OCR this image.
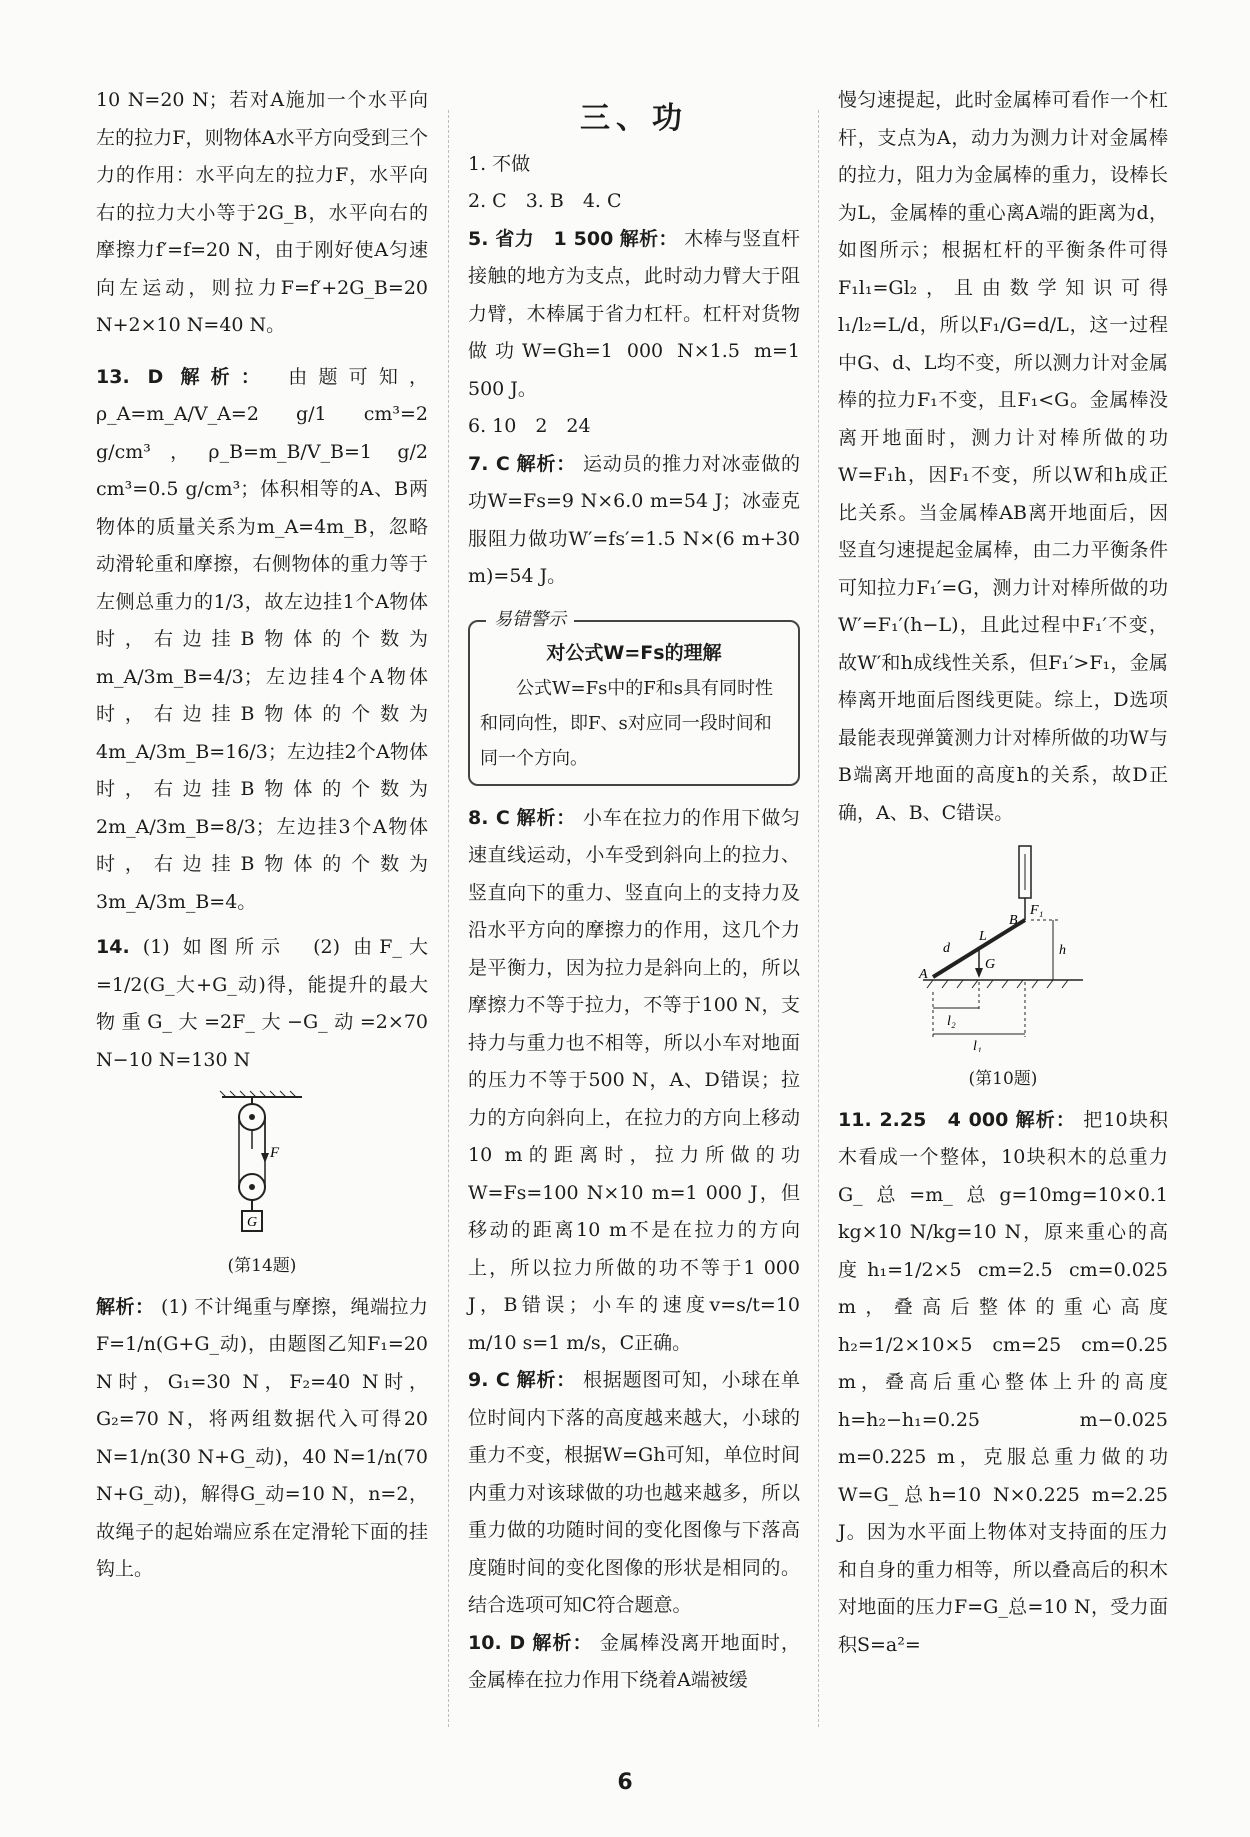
10 N=20 N；若对A施加一个水平向左的拉力F，则物体A水平方向受到三个力的作用：水平向左的拉力F，水平向右的拉力大小等于2G_B，水平向右的摩擦力f′=f=20 N，由于刚好使A匀速向左运动，则拉力F=f′+2G_B=20 N+2×10 N=40 N。

13. D 解析： 由题可知，ρ_A=m_A/V_A=2 g/1 cm³=2 g/cm³，ρ_B=m_B/V_B=1 g/2 cm³=0.5 g/cm³；体积相等的A、B两物体的质量关系为m_A=4m_B，忽略动滑轮重和摩擦，右侧物体的重力等于左侧总重力的1/3，故左边挂1个A物体时，右边挂B物体的个数为m_A/3m_B=4/3；左边挂4个A物体时，右边挂B物体的个数为4m_A/3m_B=16/3；左边挂2个A物体时，右边挂B物体的个数为2m_A/3m_B=8/3；左边挂3个A物体时，右边挂B物体的个数为3m_A/3m_B=4。

14. (1) 如图所示　(2) 由F_大=1/2(G_大+G_动)得，能提升的最大物重G_大=2F_大−G_动=2×70 N−10 N=130 N

F
G
(第14题)

解析： (1) 不计绳重与摩擦，绳端拉力F=1/n(G+G_动)，由题图乙知F₁=20 N时，G₁=30 N，F₂=40 N时，G₂=70 N，将两组数据代入可得20 N=1/n(30 N+G_动)，40 N=1/n(70 N+G_动)，解得G_动=10 N，n=2，故绳子的起始端应系在定滑轮下面的挂钩上。

三、功

1. 不做

2. C　3. B　4. C

5. 省力　1 500 解析： 木棒与竖直杆接触的地方为支点，此时动力臂大于阻力臂，木棒属于省力杠杆。杠杆对货物做功W=Gh=1 000 N×1.5 m=1 500 J。

6. 10　2　24

7. C 解析： 运动员的推力对冰壶做的功W=Fs=9 N×6.0 m=54 J；冰壶克服阻力做功W′=fs′=1.5 N×(6 m+30 m)=54 J。

易错警示
对公式W=Fs的理解
公式W=Fs中的F和s具有同时性和同向性，即F、s对应同一段时间和同一个方向。

8. C 解析： 小车在拉力的作用下做匀速直线运动，小车受到斜向上的拉力、竖直向下的重力、竖直向上的支持力及沿水平方向的摩擦力的作用，这几个力是平衡力，因为拉力是斜向上的，所以摩擦力不等于拉力，不等于100 N，支持力与重力也不相等，所以小车对地面的压力不等于500 N，A、D错误；拉力的方向斜向上，在拉力的方向上移动10 m的距离时，拉力所做的功W=Fs=100 N×10 m=1 000 J，但移动的距离10 m不是在拉力的方向上，所以拉力所做的功不等于1 000 J，B错误；小车的速度v=s/t=10 m/10 s=1 m/s，C正确。

9. C 解析： 根据题图可知，小球在单位时间内下落的高度越来越大，小球的重力不变，根据W=Gh可知，单位时间内重力对该球做的功也越来越多，所以重力做的功随时间的变化图像与下落高度随时间的变化图像的形状是相同的。结合选项可知C符合题意。

10. D 解析： 金属棒没离开地面时，金属棒在拉力作用下绕着A端被缓

慢匀速提起，此时金属棒可看作一个杠杆，支点为A，动力为测力计对金属棒的拉力，阻力为金属棒的重力，设棒长为L，金属棒的重心离A端的距离为d，如图所示；根据杠杆的平衡条件可得F₁l₁=Gl₂，且由数学知识可得l₁/l₂=L/d，所以F₁/G=d/L，这一过程中G、d、L均不变，所以测力计对金属棒的拉力F₁不变，且F₁<G。金属棒没离开地面时，测力计对棒所做的功W=F₁h，因F₁不变，所以W和h成正比关系。当金属棒AB离开地面后，因竖直匀速提起金属棒，由二力平衡条件可知拉力F₁′=G，测力计对棒所做的功W′=F₁′(h−L)，且此过程中F₁′不变，故W′和h成线性关系，但F₁′>F₁，金属棒离开地面后图线更陡。综上，D选项最能表现弹簧测力计对棒所做的功W与B端离开地面的高度h的关系，故D正确，A、B、C错误。

A
B
F₁
L
d
G
h
l₂
l₁
(第10题)

11. 2.25　4 000 解析： 把10块积木看成一个整体，10块积木的总重力G_总=m_总g=10mg=10×0.1 kg×10 N/kg=10 N，原来重心的高度h₁=1/2×5 cm=2.5 cm=0.025 m，叠高后整体的重心高度h₂=1/2×10×5 cm=25 cm=0.25 m，叠高后重心整体上升的高度h=h₂−h₁=0.25 m−0.025 m=0.225 m，克服总重力做的功W=G_总h=10 N×0.225 m=2.25 J。因为水平面上物体对支持面的压力和自身的重力相等，所以叠高后的积木对地面的压力F=G_总=10 N，受力面积S=a²=

6
